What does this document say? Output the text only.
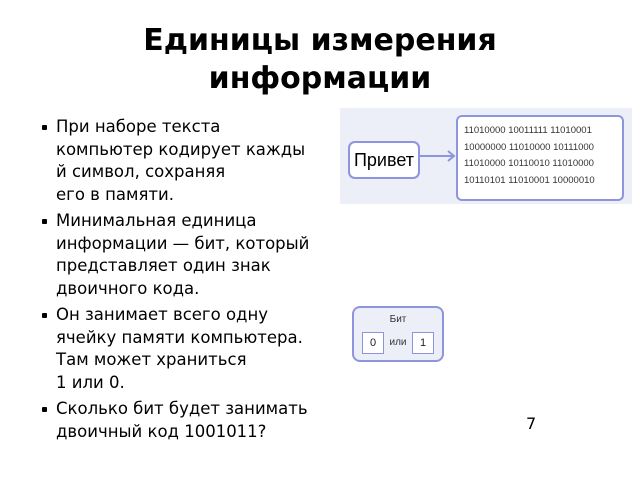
Единицы измерения
информации
При наборе текста
компьютер кодирует кажды
й символ, сохраняя
его в памяти.
Минимальная единица
информации — бит, который
представляет один знак
двоичного кода.
Он занимает всего одну
ячейку памяти компьютера.
Там может храниться
1 или 0.
Сколько бит будет занимать
двоичный код 1001011?
Привет
11010000 10011111 11010001
10000000 11010000 10111000
11010000 10110010 11010000
10110101 11010001 10000010
Бит
0	или	1
7
